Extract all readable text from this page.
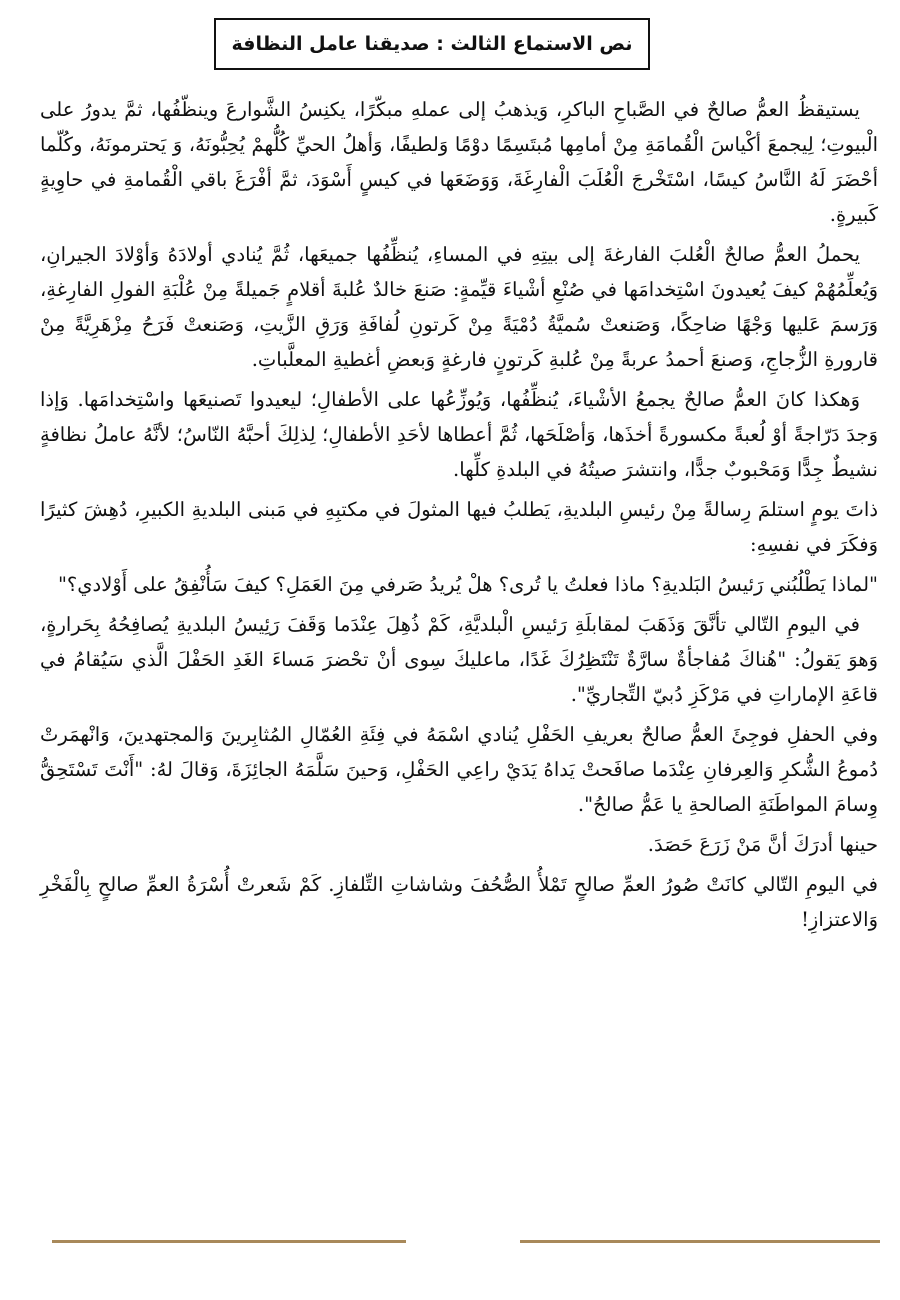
نص الاستماع الثالث : صديقنا عامل النظافة

يستيقظُ العمُّ صالحٌ في الصَّباحِ الباكرِ، وَيذهبُ إلى عملهِ مبكّرًا، يكنِسُ الشَّوارعَ وينظّفُها، ثمَّ يدورُ على الْبيوتِ؛ لِيجمعَ أكْياسَ الْقُمامَةِ مِنْ أمامِها مُبتَسِمًا دوْمًا وَلطيفًا، وَأهلُ الحيِّ كُلُّهمْ يُحِبُّونَهُ، وَ يَحترمونَهُ، وكُلّما أحْضَرَ لَهُ النَّاسُ كيسًا، اسْتَخْرجَ الْعُلَبَ الْفارِغَةَ، وَوَضَعَها في كيسٍ أَسْوَدَ، ثمَّ أفْرَغَ باقي الْقُمامةِ في حاوِيةٍ كَبيرةٍ.

يحملُ العمُّ صالحٌ الْعُلبَ الفارغةَ إلى بيتِهِ في المساءِ، يُنظِّفُها جميعَها، ثُمَّ يُنادي أولادَهُ وَأوْلادَ الجيرانِ، وَيُعلِّمُهُمْ كيفَ يُعيدونَ اسْتِخدامَها في صُنْعِ أشْياءَ قيِّمةٍ: صَنعَ خالدٌ عُلبةَ أقلامٍ جَميلةً مِنْ عُلْبَةِ الفولِ الفارِغةِ، وَرَسمَ عَليها وَجْهًا ضاحِكًا، وَصَنعتْ سُميَّةُ دُمْيَةً مِنْ كَرتونِ لُفافَةِ وَرَقِ الزَّيتِ، وَصَنعتْ فَرَحُ مِزْهَرِيَّةً مِنْ قارورةِ الزُّجاجِ، وَصنعَ أحمدُ عربةً مِنْ عُلبةِ كَرتونٍ فارغةٍ وَبعضِ أغطيةِ المعلَّباتِ.

وَهكذا كانَ العمُّ صالحٌ يجمعُ الأشْياءَ، يُنظِّفُها، وَيُوزِّعُها على الأطفالِ؛ ليعيدوا تَصنيعَها واسْتِخدامَها. وَإذا وَجدَ دَرّاجةً أوْ لُعبةً مكسورةً أخذَها، وَأصْلَحَها، ثُمَّ أعطاها لأحَدِ الأطفالِ؛ لِذلِكَ أحبَّهُ النّاسُ؛ لأنَّهُ عاملُ نظافةٍ نشيطٌ جِدًّا وَمَحْبوبٌ جدًّا، وانتشرَ صيتُهُ في البلدةِ كلِّها.

ذاتَ يومٍ استلمَ رِسالةً مِنْ رئيسِ البلديةِ، يَطلبُ فيها المثولَ في مكتبِهِ في مَبنى البلديةِ الكبيرِ، دُهِشَ كثيرًا وَفكَرَ في نفسِهِ:

"لماذا يَطْلُبُني رَئيسُ البَلديةِ؟ ماذا فعلتُ يا تُرى؟ هلْ يُريدُ صَرفي مِنَ العَمَلِ؟ كيفَ سَأُنْفِقُ على أَوْلادي؟"

في اليومِ التّالي تأنَّقَ وَذَهَبَ لمقابلَةِ رَئيسِ الْبلديَّةِ، كَمْ ذُهِلَ عِنْدَما وَقَفَ رَئِيسُ البلديةِ يُصافِحُهُ بِحَرارةٍ، وَهوَ يَقولُ: "هُناكَ مُفاجأةٌ سارَّةٌ تَنْتَظِرُكَ غَدًا، ماعليكَ سِوى أنْ تحْضرَ مَساءَ الغَدِ الحَفْلَ الَّذي سَيُقامُ في قاعَةِ الإماراتِ في مَرْكَزِ دُبيّ التِّجاريِّ".

وفي الحفلِ فوجِئَ العمُّ صالحٌ بعريفِ الحَفْلِ يُنادي اسْمَهُ في فِئَةِ العُمّالِ المُثابِرينَ وَالمجتهدينَ، وَانْهمَرتْ دُموعُ الشُّكرِ وَالعِرفانِ عِنْدَما صافَحتْ يَداهُ يَدَيْ راعِي الحَفْلِ، وَحينَ سَلَّمَهُ الجائِزَةَ، وَقالَ لهُ: "أَنْتَ تَسْتَحِقُّ وِسامَ المواطَنَةِ الصالحةِ يا عَمُّ صالحُ".

حينها أدرَكَ أنَّ مَنْ زَرَعَ حَصَدَ.

في اليومِ التّالي كانَتْ صُورُ العمِّ صالحٍ تَمْلأُ الصُّحُفَ وشاشاتِ التِّلفازِ. كَمْ شَعرتْ أُسْرَةُ العمِّ صالحٍ بِالْفَخْرِ وَالاعتزازِ!
